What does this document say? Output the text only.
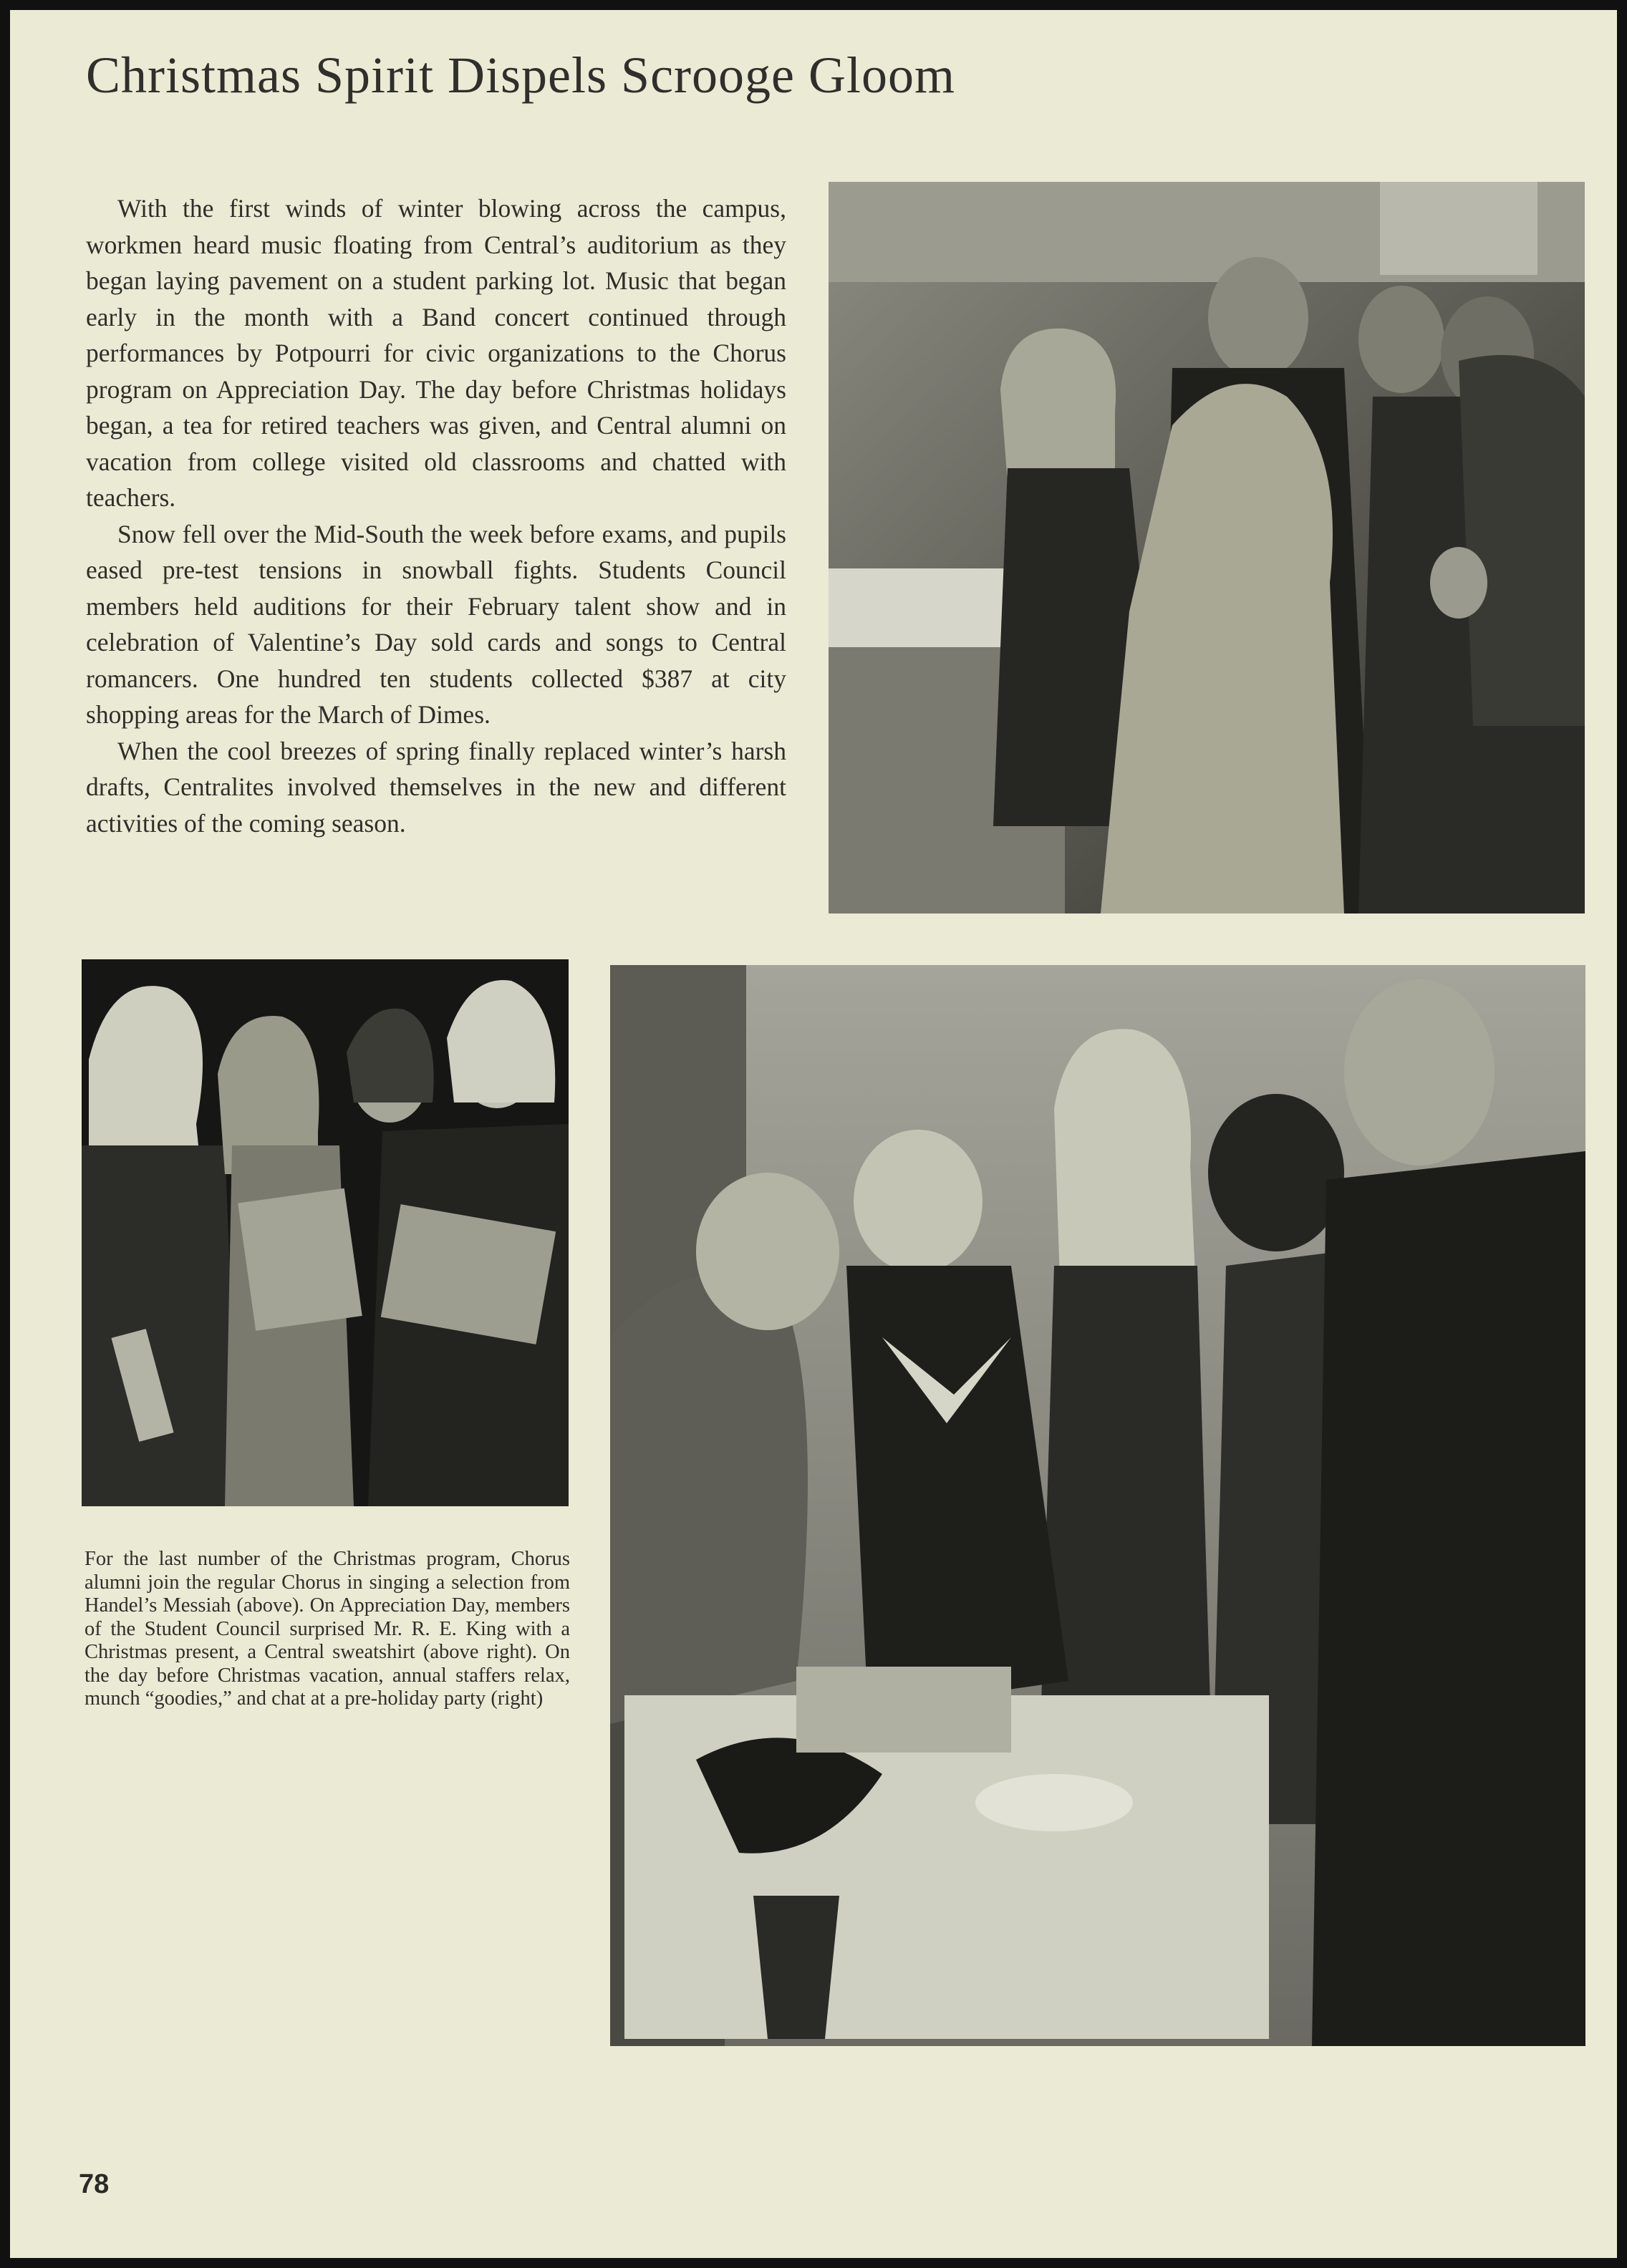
Christmas Spirit Dispels Scrooge Gloom

With the first winds of winter blowing across the campus, workmen heard music floating from Central’s auditorium as they began laying pavement on a student parking lot. Music that began early in the month with a Band concert continued through performances by Potpourri for civic organizations to the Chorus program on Appreciation Day. The day before Christmas holidays began, a tea for retired teachers was given, and Central alumni on vacation from college visited old classrooms and chatted with teachers.

Snow fell over the Mid-South the week before exams, and pupils eased pre-test tensions in snowball fights. Students Council members held auditions for their February talent show and in celebration of Valentine’s Day sold cards and songs to Central romancers. One hundred ten students collected $387 at city shopping areas for the March of Dimes.

When the cool breezes of spring finally replaced winter’s harsh drafts, Centralites involved themselves in the new and different activities of the coming season.

For the last number of the Christmas program, Chorus alumni join the regular Chorus in singing a selection from Handel’s Messiah (above). On Appreciation Day, members of the Student Council surprised Mr. R. E. King with a Christmas present, a Central sweatshirt (above right). On the day before Christmas vacation, annual staffers relax, munch “goodies,” and chat at a pre-holiday party (right)

78
